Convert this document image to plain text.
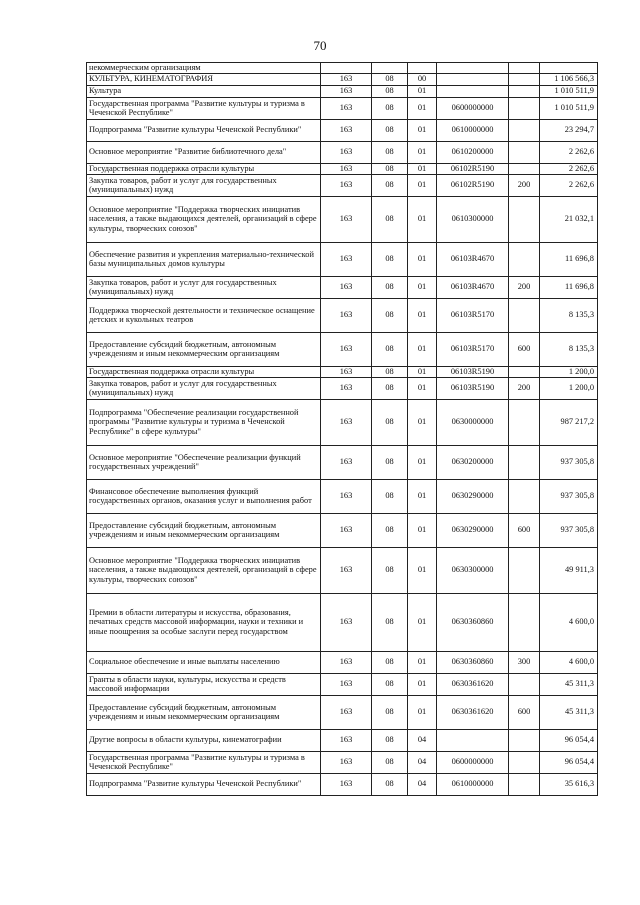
70
некоммерческим организациям						
КУЛЬТУРА, КИНЕМАТОГРАФИЯ	163	08	00			1 106 566,3
Культура	163	08	01			1 010 511,9
Государственная программа "Развитие культуры и туризма в Чеченской Республике"	163	08	01	0600000000		1 010 511,9
Подпрограмма "Развитие культуры Чеченской Республики"	163	08	01	0610000000		23 294,7
Основное мероприятие "Развитие библиотечного дела"	163	08	01	0610200000		2 262,6
Государственная поддержка отрасли культуры	163	08	01	06102R5190		2 262,6
Закупка товаров, работ и услуг для государственных (муниципальных) нужд	163	08	01	06102R5190	200	2 262,6
Основное мероприятие "Поддержка творческих инициатив населения, а также выдающихся деятелей, организаций в сфере культуры, творческих союзов"	163	08	01	0610300000		21 032,1
Обеспечение развития и укрепления материально-технической базы муниципальных домов культуры	163	08	01	06103R4670		11 696,8
Закупка товаров, работ и услуг для государственных (муниципальных) нужд	163	08	01	06103R4670	200	11 696,8
Поддержка творческой деятельности и техническое оснащение детских и кукольных театров	163	08	01	06103R5170		8 135,3
Предоставление субсидий бюджетным, автономным учреждениям и иным некоммерческим организациям	163	08	01	06103R5170	600	8 135,3
Государственная поддержка отрасли культуры	163	08	01	06103R5190		1 200,0
Закупка товаров, работ и услуг для государственных (муниципальных) нужд	163	08	01	06103R5190	200	1 200,0
Подпрограмма "Обеспечение реализации государственной программы "Развитие культуры и туризма в Чеченской Республике" в сфере культуры"	163	08	01	0630000000		987 217,2
Основное мероприятие "Обеспечение реализации функций государственных учреждений"	163	08	01	0630200000		937 305,8
Финансовое обеспечение выполнения функций государственных органов, оказания услуг и выполнения работ	163	08	01	0630290000		937 305,8
Предоставление субсидий бюджетным, автономным учреждениям и иным некоммерческим организациям	163	08	01	0630290000	600	937 305,8
Основное мероприятие "Поддержка творческих инициатив населения, а также выдающихся деятелей, организаций в сфере культуры, творческих союзов"	163	08	01	0630300000		49 911,3
Премии в области литературы и искусства, образования, печатных средств массовой информации, науки и техники и иные поощрения за особые заслуги перед государством	163	08	01	0630360860		4 600,0
Социальное обеспечение и иные выплаты населению	163	08	01	0630360860	300	4 600,0
Гранты в области науки, культуры, искусства и средств массовой информации	163	08	01	0630361620		45 311,3
Предоставление субсидий бюджетным, автономным учреждениям и иным некоммерческим организациям	163	08	01	0630361620	600	45 311,3
Другие вопросы в области культуры, кинематографии	163	08	04			96 054,4
Государственная программа "Развитие культуры и туризма в Чеченской Республике"	163	08	04	0600000000		96 054,4
Подпрограмма "Развитие культуры Чеченской Республики"	163	08	04	0610000000		35 616,3
